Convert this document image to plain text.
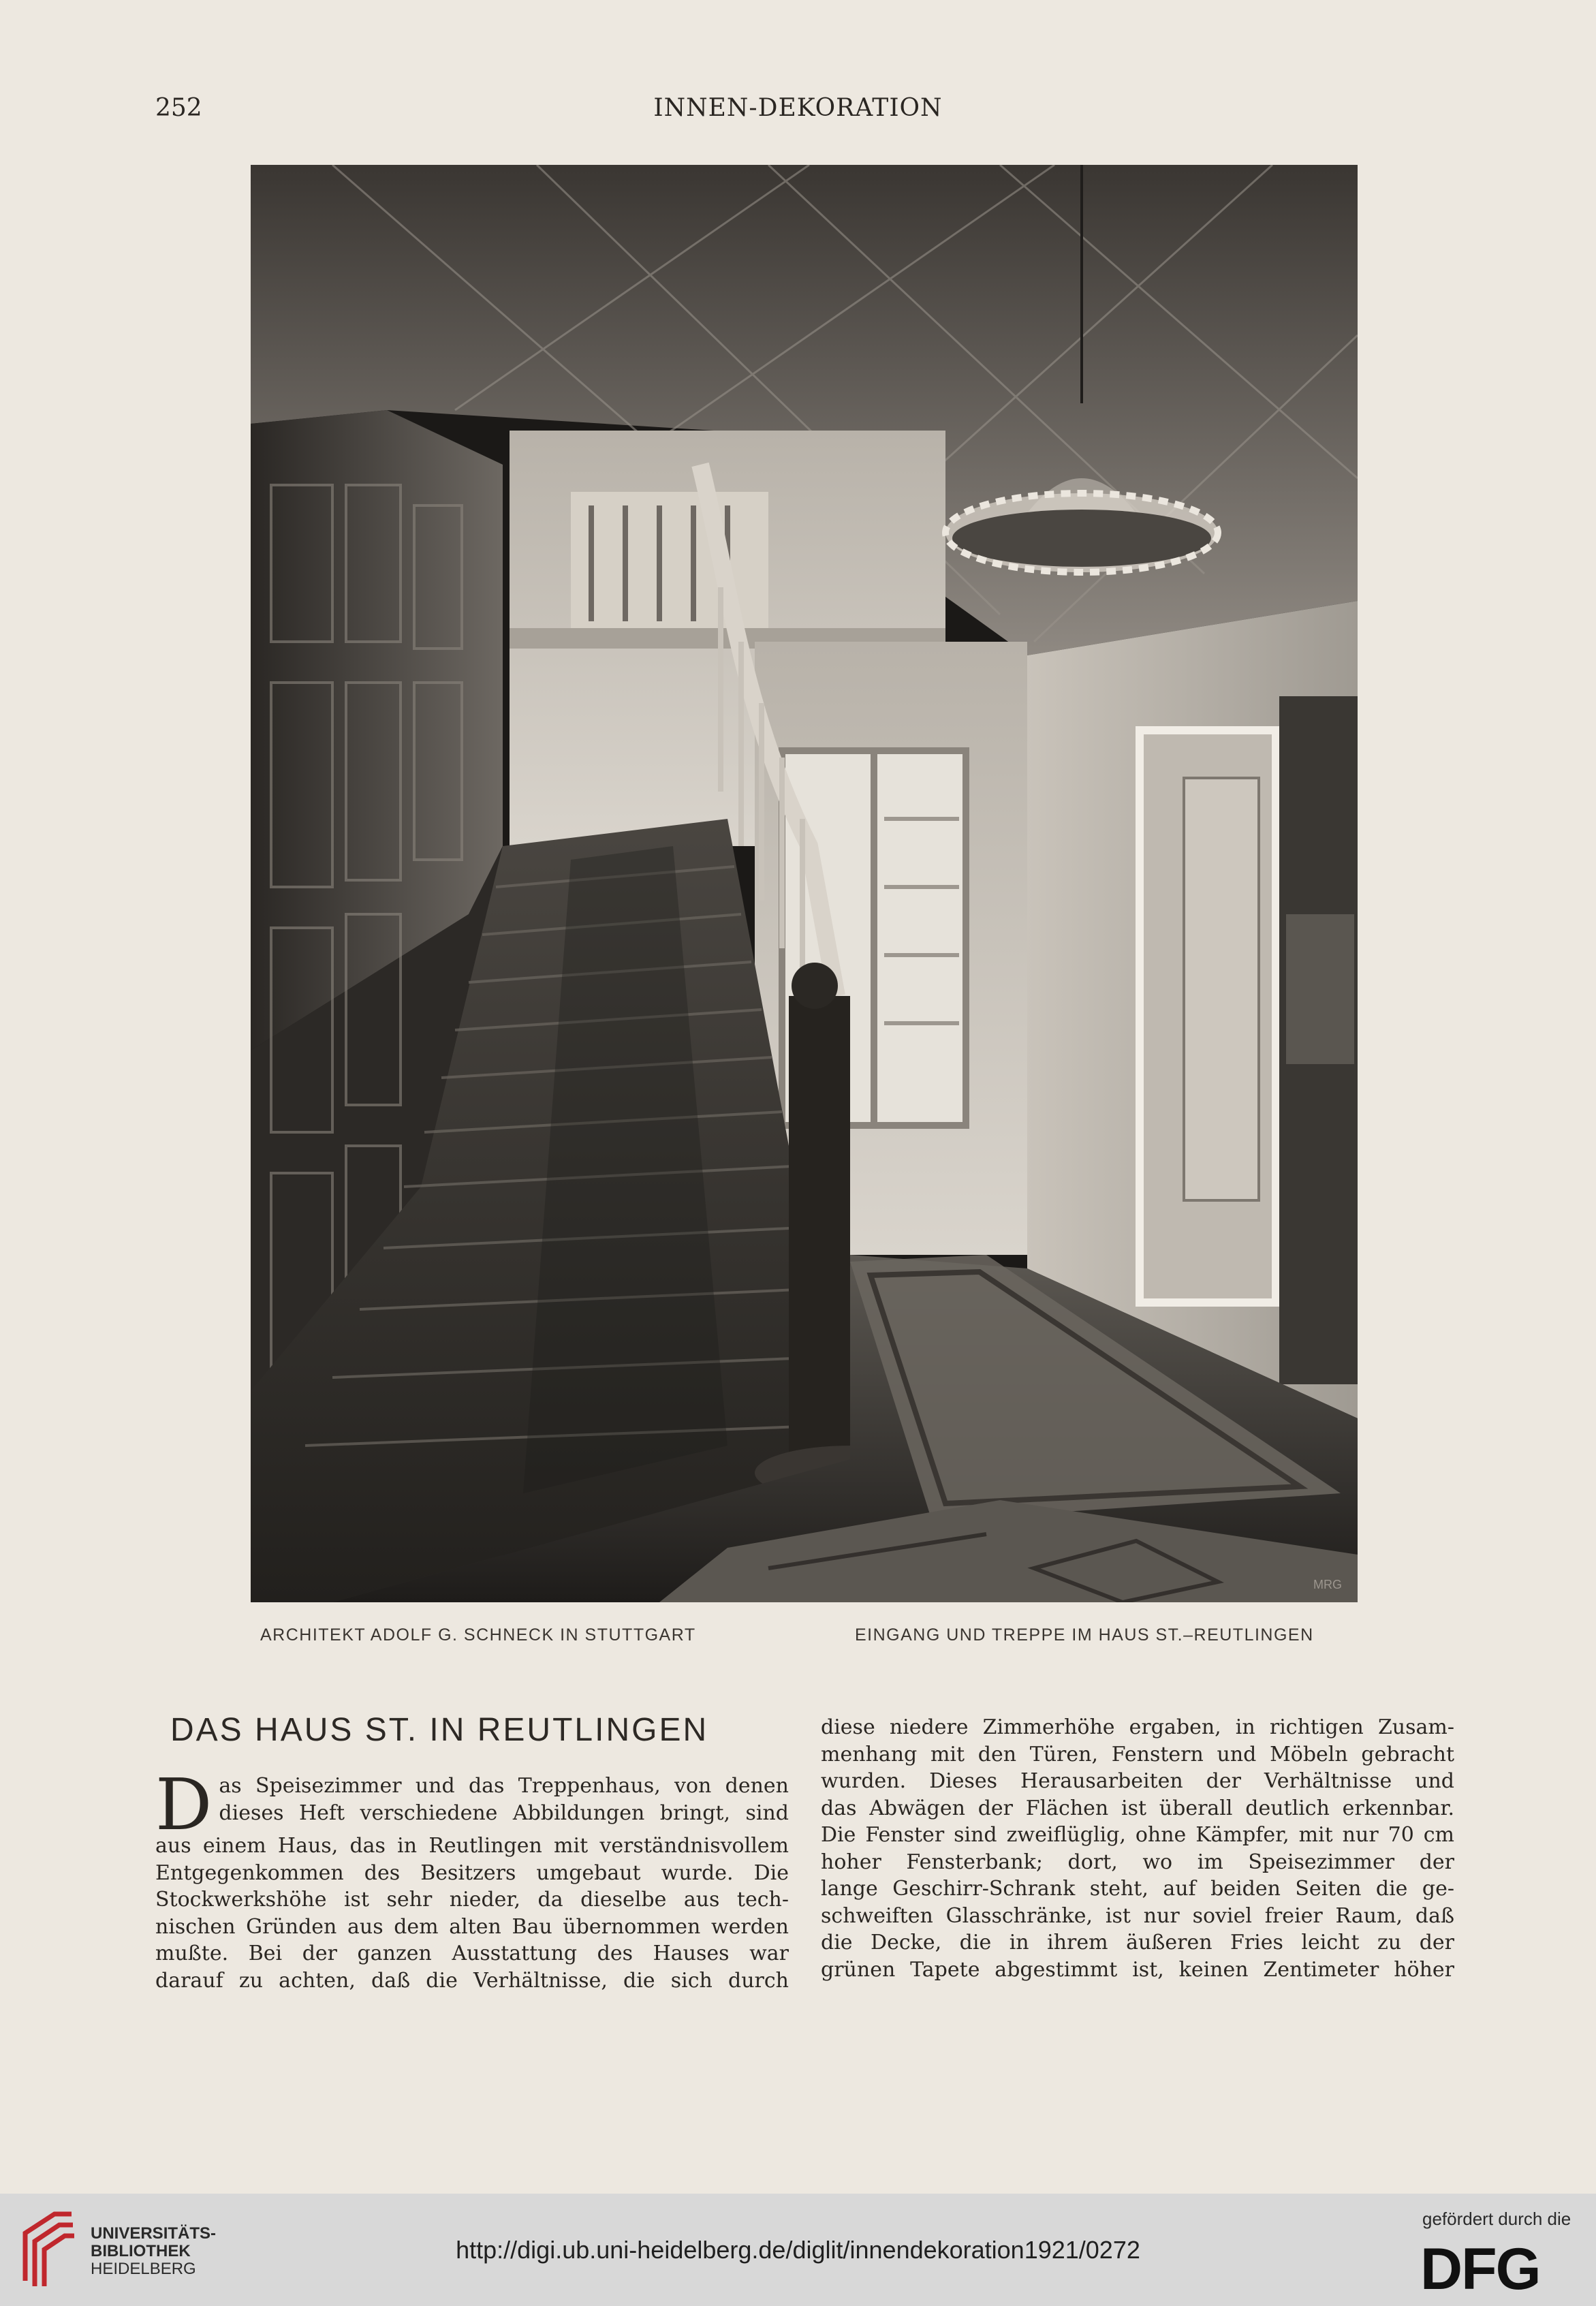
252	INNEN-DEKORATION
MRG
ARCHITEKT ADOLF G. SCHNECK IN STUTTGART	EINGANG UND TREPPE IM HAUS ST.–REUTLINGEN
DAS HAUS ST. IN REUTLINGEN
D as Speisezimmer und das Treppenhaus, von denen
dieses Heft verschiedene Abbildungen bringt, sind
aus einem Haus, das in Reutlingen mit verständnisvollem
Entgegenkommen des Besitzers umgebaut wurde. Die
Stockwerkshöhe ist sehr nieder, da dieselbe aus tech-
nischen Gründen aus dem alten Bau übernommen werden
mußte. Bei der ganzen Ausstattung des Hauses war
darauf zu achten, daß die Verhältnisse, die sich durch
diese niedere Zimmerhöhe ergaben, in richtigen Zusam-
menhang mit den Türen, Fenstern und Möbeln gebracht
wurden. Dieses Herausarbeiten der Verhältnisse und
das Abwägen der Flächen ist überall deutlich erkennbar.
Die Fenster sind zweiflüglig, ohne Kämpfer, mit nur 70 cm
hoher Fensterbank; dort, wo im Speisezimmer der
lange Geschirr-Schrank steht, auf beiden Seiten die ge-
schweiften Glasschränke, ist nur soviel freier Raum, daß
die Decke, die in ihrem äußeren Fries leicht zu der
grünen Tapete abgestimmt ist, keinen Zentimeter höher
UNIVERSITÄTS-
BIBLIOTHEK
HEIDELBERG
http://digi.ub.uni-heidelberg.de/diglit/innendekoration1921/0272
gefördert durch die
DFG
